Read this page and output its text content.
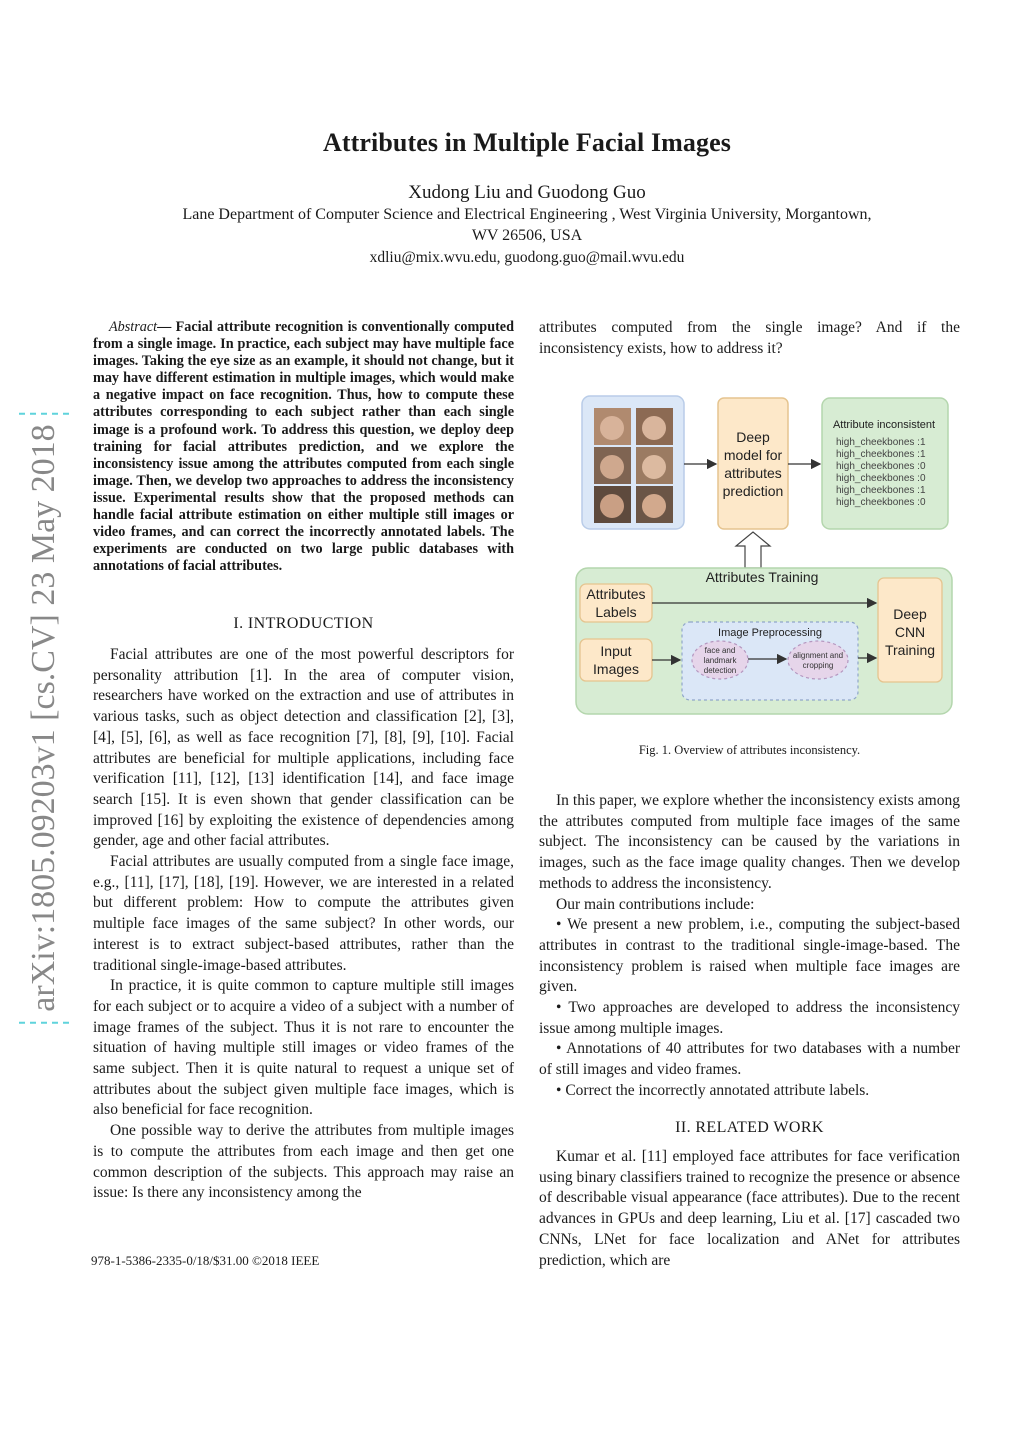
Attributes in Multiple Facial Images
Xudong Liu and Guodong Guo
Lane Department of Computer Science and Electrical Engineering , West Virginia University, Morgantown,
WV 26506, USA
xdliu@mix.wvu.edu, guodong.guo@mail.wvu.edu
arXiv:1805.09203v1 [cs.CV] 23 May 2018
Abstract— Facial attribute recognition is conventionally computed from a single image. In practice, each subject may have multiple face images. Taking the eye size as an example, it should not change, but it may have different estimation in multiple images, which would make a negative impact on face recognition. Thus, how to compute these attributes corresponding to each subject rather than each single image is a profound work. To address this question, we deploy deep training for facial attributes prediction, and we explore the inconsistency issue among the attributes computed from each single image. Then, we develop two approaches to address the inconsistency issue. Experimental results show that the proposed methods can handle facial attribute estimation on either multiple still images or video frames, and can correct the incorrectly annotated labels. The experiments are conducted on two large public databases with annotations of facial attributes.
I. INTRODUCTION

Facial attributes are one of the most powerful descriptors for personality attribution [1]. In the area of computer vision, researchers have worked on the extraction and use of attributes in various tasks, such as object detection and classification [2], [3], [4], [5], [6], as well as face recognition [7], [8], [9], [10]. Facial attributes are beneficial for multiple applications, including face verification [11], [12], [13] identification [14], and face image search [15]. It is even shown that gender classification can be improved [16] by exploiting the existence of dependencies among gender, age and other facial attributes.

Facial attributes are usually computed from a single face image, e.g., [11], [17], [18], [19]. However, we are interested in a related but different problem: How to compute the attributes given multiple face images of the same subject? In other words, our interest is to extract subject-based attributes, rather than the traditional single-image-based attributes.

In practice, it is quite common to capture multiple still images for each subject or to acquire a video of a subject with a number of image frames of the subject. Thus it is not rare to encounter the situation of having multiple still images or video frames of the same subject. Then it is quite natural to request a unique set of attributes about the subject given multiple face images, which is also beneficial for face recognition.

One possible way to derive the attributes from multiple images is to compute the attributes from each image and then get one common description of the subjects. This approach may raise an issue: Is there any inconsistency among the

978-1-5386-2335-0/18/$31.00 ©2018 IEEE

attributes computed from the single image? And if the inconsistency exists, how to address it?

Deep
model for
attributes
prediction
Attribute inconsistent
high_cheekbones :1
high_cheekbones :1
high_cheekbones :0
high_cheekbones :0
high_cheekbones :1
high_cheekbones :0
Attributes Training
Attributes
Labels
Input
Images
Image Preprocessing
face and
landmark
detection
alignment and
cropping
Deep
CNN
Training
Fig. 1. Overview of attributes inconsistency.

In this paper, we explore whether the inconsistency exists among the attributes computed from multiple face images of the same subject. The inconsistency can be caused by the variations in images, such as the face image quality changes. Then we develop methods to address the inconsistency.

Our main contributions include:

• We present a new problem, i.e., computing the subject-based attributes in contrast to the traditional single-image-based. The inconsistency problem is raised when multiple face images are given.

• Two approaches are developed to address the inconsistency issue among multiple images.

• Annotations of 40 attributes for two databases with a number of still images and video frames.

• Correct the incorrectly annotated attribute labels.

II. RELATED WORK

Kumar et al. [11] employed face attributes for face verification using binary classifiers trained to recognize the presence or absence of describable visual appearance (face attributes). Due to the recent advances in GPUs and deep learning, Liu et al. [17] cascaded two CNNs, LNet for face localization and ANet for attributes prediction, which are
